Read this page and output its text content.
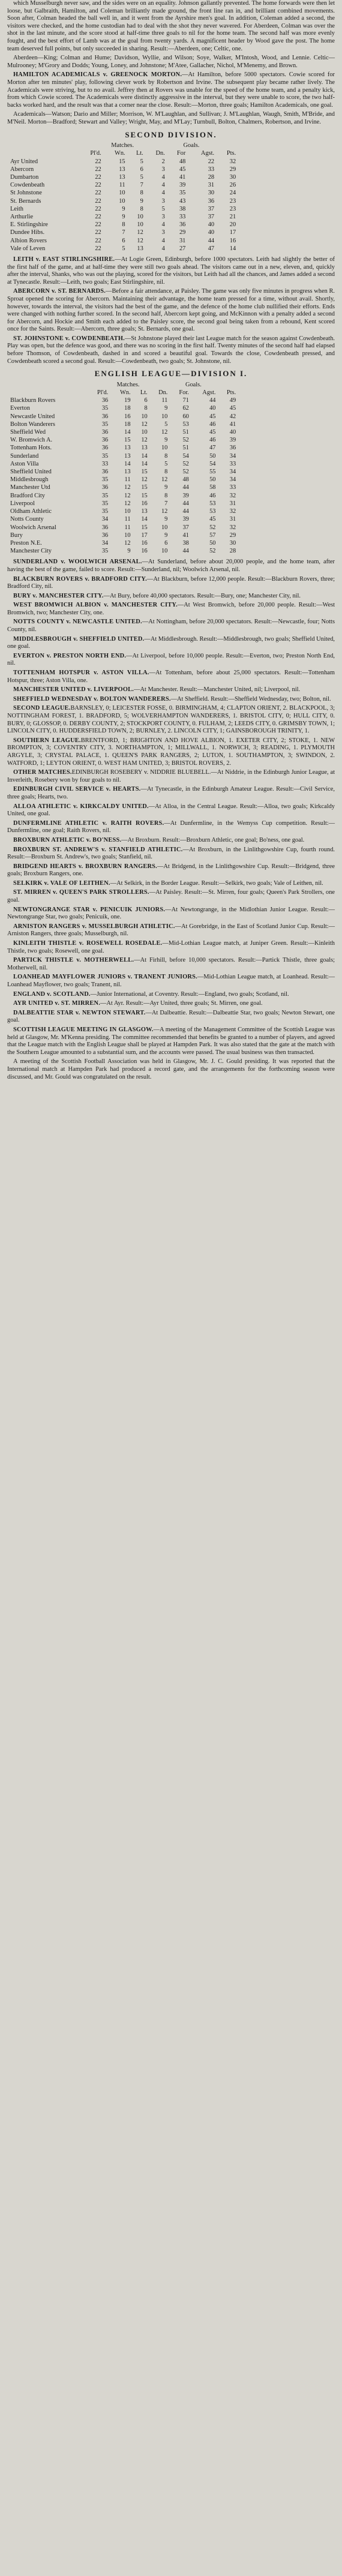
which Musselburgh never saw, and the sides were on an equality. Johnson gallantly prevented. The home forwards were then let loose, but Galbraith, Hamilton, and Coleman brilliantly made ground, the front line ran in, and brilliant combined movements. Soon after, Colman headed the ball well in, and it went from the Ayrshire men's goal. In addition, Coleman added a second, the visitors were checked, and the home custodian had to deal with the shot they never wavered. For Aberdeen, Colman was over the shot in the last minute, and the score stood at half-time three goals to nil for the home team. The second half was more evenly fought, and the best effort of Lamb was at the goal from twenty yards. A magnificent header by Wood gave the post. The home team deserved full points, but only succeeded in sharing. Result:—Aberdeen, one; Celtic, one.

Aberdeen—King; Colman and Hume; Davidson, Wyllie, and Wilson; Soye, Walker, M'Intosh, Wood, and Lennie. Celtic—Mulrooney; M'Grory and Dodds; Young, Loney, and Johnstone; M'Atee, Gallacher, Nichol, M'Menemy, and Brown.

HAMILTON ACADEMICALS v. GREENOCK MORTON.—At Hamilton, before 5000 spectators. Cowie scored for Morton after ten minutes' play, following clever work by Robertson and Irvine. The subsequent play became rather lively. The Academicals were striving, but to no avail. Jeffrey then at Rovers was unable for the speed of the home team, and a penalty kick, from which Cowie scored. The Academicals were distinctly aggressive in the interval, but they were unable to score, the two half-backs worked hard, and the result was that a corner near the close. Result:—Morton, three goals; Hamilton Academicals, one goal.

Academicals—Watson; Dario and Miller; Morrison, W. M'Laughlan, and Sullivan; J. M'Laughlan, Waugh, Smith, M'Bride, and M'Neil. Morton—Bradford; Stewart and Valley; Wright, May, and M'Lay; Turnbull, Bolton, Chalmers, Robertson, and Irvine.

SECOND DIVISION.
	Matches.				Goals.		
	Pl'd.	Wn.	Lt.	Dn.	For	Agst.	Pts.
Ayr United	22	15	5	2	48	22	32
Abercorn	22	13	6	3	45	33	29
Dumbarton	22	13	5	4	41	28	30
Cowdenbeath	22	11	7	4	39	31	26
St Johnstone	22	10	8	4	35	30	24
St. Bernards	22	10	9	3	43	36	23
Leith	22	9	8	5	38	37	23
Arthurlie	22	9	10	3	33	37	21
E. Stirlingshire	22	8	10	4	36	40	20
Dundee Hibs.	22	7	12	3	29	40	17
Albion Rovers	22	6	12	4	31	44	16
Vale of Leven	22	5	13	4	27	47	14

LEITH v. EAST STIRLINGSHIRE.—At Logie Green, Edinburgh, before 1000 spectators. Leith had slightly the better of the first half of the game, and at half-time they were still two goals ahead. The visitors came out in a new, eleven, and, quickly after the interval, Shanks, who was out the playing, scored for the visitors, but Leith had all the chances, and James added a second at Tynecastle. Result:—Leith, two goals; East Stirlingshire, nil.

ABERCORN v. ST. BERNARDS.—Before a fair attendance, at Paisley. The game was only five minutes in progress when R. Sproat opened the scoring for Abercorn. Maintaining their advantage, the home team pressed for a time, without avail. Shortly, however, towards the interval, the visitors had the best of the game, and the defence of the home club nullified their efforts. Ends were changed with nothing further scored. In the second half, Abercorn kept going, and McKinnon with a penalty added a second for Abercorn, and Hockie and Smith each added to the Paisley score, the second goal being taken from a rebound, Kent scored once for the Saints. Result:—Abercorn, three goals; St. Bernards, one goal.

ST. JOHNSTONE v. COWDENBEATH.—St Johnstone played their last League match for the season against Cowdenbeath. Play was open, but the defence was good, and there was no scoring in the first half. Twenty minutes of the second half had elapsed before Thomson, of Cowdenbeath, dashed in and scored a beautiful goal. Towards the close, Cowdenbeath pressed, and Cowdenbeath scored a second goal. Result:—Cowdenbeath, two goals; St. Johnstone, nil.

ENGLISH LEAGUE—DIVISION I.
	Matches.				Goals.		
	Pl'd.	Wn.	Lt.	Dn.	For.	Agst.	Pts.
Blackburn Rovers	36	19	6	11	71	44	49
Everton	35	18	8	9	62	40	45
Newcastle United	36	16	10	10	60	45	42
Bolton Wanderers	35	18	12	5	53	46	41
Sheffield Wed	36	14	10	12	51	45	40
W. Bromwich A.	36	15	12	9	52	46	39
Tottenham Hots.	36	13	13	10	51	47	36
Sunderland	35	13	14	8	54	50	34
Aston Villa	33	14	14	5	52	54	33
Sheffield United	36	13	15	8	52	55	34
Middlesbrough	35	11	12	12	48	50	34
Manchester Utd	36	12	15	9	44	58	33
Bradford City	35	12	15	8	39	46	32
Liverpool	35	12	16	7	44	53	31
Oldham Athletic	35	10	13	12	44	53	32
Notts County	34	11	14	9	39	45	31
Woolwich Arsenal	36	11	15	10	37	52	32
Bury	36	10	17	9	41	57	29
Preston N.E.	34	12	16	6	38	50	30
Manchester City	35	9	16	10	44	52	28

SUNDERLAND v. WOOLWICH ARSENAL.—At Sunderland, before about 20,000 people, and the home team, after having the best of the game, failed to score. Result:—Sunderland, nil; Woolwich Arsenal, nil.

BLACKBURN ROVERS v. BRADFORD CITY.—At Blackburn, before 12,000 people. Result:—Blackburn Rovers, three; Bradford City, nil.

BURY v. MANCHESTER CITY.—At Bury, before 40,000 spectators. Result:—Bury, one; Manchester City, nil.

WEST BROMWICH ALBION v. MANCHESTER CITY.—At West Bromwich, before 20,000 people. Result:—West Bromwich, two; Manchester City, one.

NOTTS COUNTY v. NEWCASTLE UNITED.—At Nottingham, before 20,000 spectators. Result:—Newcastle, four; Notts County, nil.

MIDDLESBROUGH v. SHEFFIELD UNITED.—At Middlesbrough. Result:—Middlesbrough, two goals; Sheffield United, one goal.

EVERTON v. PRESTON NORTH END.—At Liverpool, before 10,000 people. Result:—Everton, two; Preston North End, nil.

TOTTENHAM HOTSPUR v. ASTON VILLA.—At Tottenham, before about 25,000 spectators. Result:—Tottenham Hotspur, three; Aston Villa, one.

MANCHESTER UNITED v. LIVERPOOL.—At Manchester. Result:—Manchester United, nil; Liverpool, nil.

SHEFFIELD WEDNESDAY v. BOLTON WANDERERS.—At Sheffield. Result:—Sheffield Wednesday, two; Bolton, nil.

SECOND LEAGUE.BARNSLEY, 0; LEICESTER FOSSE, 0. BIRMINGHAM, 4; CLAPTON ORIENT, 2. BLACKPOOL, 3; NOTTINGHAM FOREST, 1. BRADFORD, 5; WOLVERHAMPTON WANDERERS, 1. BRISTOL CITY, 0; HULL CITY, 0. BURY, 0; GLOSSOP, 0. DERBY COUNTY, 2; STOCKPORT COUNTY, 0. FULHAM, 2; LEEDS CITY, 0. GRIMSBY TOWN, 1; LINCOLN CITY, 0. HUDDERSFIELD TOWN, 2; BURNLEY, 2. LINCOLN CITY, 1; GAINSBOROUGH TRINITY, 1.

SOUTHERN LEAGUE.BRENTFORD, 1; BRIGHTON AND HOVE ALBION, 1. EXETER CITY, 2; STOKE, 1. NEW BROMPTON, 3; COVENTRY CITY, 3. NORTHAMPTON, 1; MILLWALL, 1. NORWICH, 3; READING, 1. PLYMOUTH ARGYLE, 3; CRYSTAL PALACE, 1. QUEEN'S PARK RANGERS, 2; LUTON, 1. SOUTHAMPTON, 3; SWINDON, 2. WATFORD, 1; LEYTON ORIENT, 0. WEST HAM UNITED, 3; BRISTOL ROVERS, 2.

OTHER MATCHES.EDINBURGH ROSEBERY v. NIDDRIE BLUEBELL.—At Niddrie, in the Edinburgh Junior League, at Inverleith, Rosebery won by four goals to nil.

EDINBURGH CIVIL SERVICE v. HEARTS.—At Tynecastle, in the Edinburgh Amateur League. Result:—Civil Service, three goals; Hearts, two.

ALLOA ATHLETIC v. KIRKCALDY UNITED.—At Alloa, in the Central League. Result:—Alloa, two goals; Kirkcaldy United, one goal.

DUNFERMLINE ATHLETIC v. RAITH ROVERS.—At Dunfermline, in the Wemyss Cup competition. Result:—Dunfermline, one goal; Raith Rovers, nil.

BROXBURN ATHLETIC v. BO'NESS.—At Broxburn. Result:—Broxburn Athletic, one goal; Bo'ness, one goal.

BROXBURN ST. ANDREW'S v. STANFIELD ATHLETIC.—At Broxburn, in the Linlithgowshire Cup, fourth round. Result:—Broxburn St. Andrew's, two goals; Stanfield, nil.

BRIDGEND HEARTS v. BROXBURN RANGERS.—At Bridgend, in the Linlithgowshire Cup. Result:—Bridgend, three goals; Broxburn Rangers, one.

SELKIRK v. VALE OF LEITHEN.—At Selkirk, in the Border League. Result:—Selkirk, two goals; Vale of Leithen, nil.

ST. MIRREN v. QUEEN'S PARK STROLLERS.—At Paisley. Result:—St. Mirren, four goals; Queen's Park Strollers, one goal.

NEWTONGRANGE STAR v. PENICUIK JUNIORS.—At Newtongrange, in the Midlothian Junior League. Result:—Newtongrange Star, two goals; Penicuik, one.

ARNISTON RANGERS v. MUSSELBURGH ATHLETIC.—At Gorebridge, in the East of Scotland Junior Cup. Result:—Arniston Rangers, three goals; Musselburgh, nil.

KINLEITH THISTLE v. ROSEWELL ROSEDALE.—Mid-Lothian League match, at Juniper Green. Result:—Kinleith Thistle, two goals; Rosewell, one goal.

PARTICK THISTLE v. MOTHERWELL.—At Firhill, before 10,000 spectators. Result:—Partick Thistle, three goals; Motherwell, nil.

LOANHEAD MAYFLOWER JUNIORS v. TRANENT JUNIORS.—Mid-Lothian League match, at Loanhead. Result:—Loanhead Mayflower, two goals; Tranent, nil.

ENGLAND v. SCOTLAND.—Junior International, at Coventry. Result:—England, two goals; Scotland, nil.

AYR UNITED v. ST. MIRREN.—At Ayr. Result:—Ayr United, three goals; St. Mirren, one goal.

DALBEATTIE STAR v. NEWTON STEWART.—At Dalbeattie. Result:—Dalbeattie Star, two goals; Newton Stewart, one goal.

SCOTTISH LEAGUE MEETING IN GLASGOW.—A meeting of the Management Committee of the Scottish League was held at Glasgow, Mr. M'Kenna presiding. The committee recommended that benefits be granted to a number of players, and agreed that the League match with the English League shall be played at Hampden Park. It was also stated that the gate at the match with the Southern League amounted to a substantial sum, and the accounts were passed. The usual business was then transacted.

A meeting of the Scottish Football Association was held in Glasgow, Mr. J. C. Gould presiding. It was reported that the International match at Hampden Park had produced a record gate, and the arrangements for the forthcoming season were discussed, and Mr. Gould was congratulated on the result.
